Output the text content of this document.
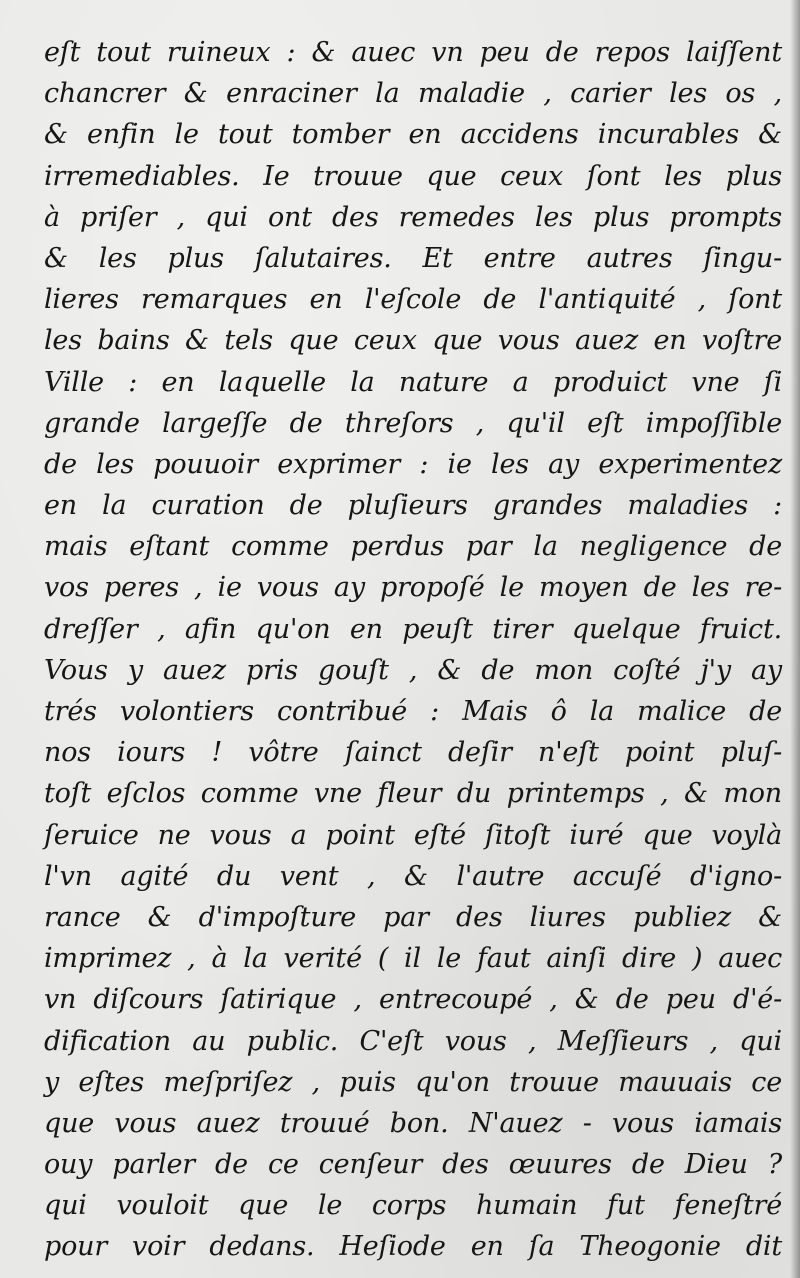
eſt tout ruineux : & auec vn peu de repos laiſſent
chancrer & enraciner la maladie , carier les os ,
& enfin le tout tomber en accidens incurables &
irremediables. Ie trouue que ceux ſont les plus
à priſer , qui ont des remedes les plus prompts
& les plus ſalutaires. Et entre autres ſingu-
lieres remarques en l'eſcole de l'antiquité , ſont
les bains & tels que ceux que vous auez en voſtre
Ville : en laquelle la nature a produict vne ſi
grande largeſſe de threſors , qu'il eſt impoſſible
de les pouuoir exprimer : ie les ay experimentez
en la curation de pluſieurs grandes maladies :
mais eſtant comme perdus par la negligence de
vos peres , ie vous ay propoſé le moyen de les re-
dreſſer , afin qu'on en peuſt tirer quelque fruict.
Vous y auez pris gouſt , & de mon coſté j'y ay
trés volontiers contribué : Mais ô la malice de
nos iours ! vôtre ſainct deſir n'eſt point pluſ-
toſt eſclos comme vne fleur du printemps , & mon
ſeruice ne vous a point eſté ſitoſt iuré que voylà
l'vn agité du vent , & l'autre accuſé d'igno-
rance & d'impoſture par des liures publiez &
imprimez , à la verité ( il le faut ainſi dire ) auec
vn diſcours ſatirique , entrecoupé , & de peu d'é-
dification au public. C'eſt vous , Meſſieurs , qui
y eſtes meſpriſez , puis qu'on trouue mauuais ce
que vous auez trouué bon. N'auez - vous iamais
ouy parler de ce cenſeur des œuures de Dieu ?
qui vouloit que le corps humain fut feneſtré
pour voir dedans. Heſiode en ſa Theogonie dit
